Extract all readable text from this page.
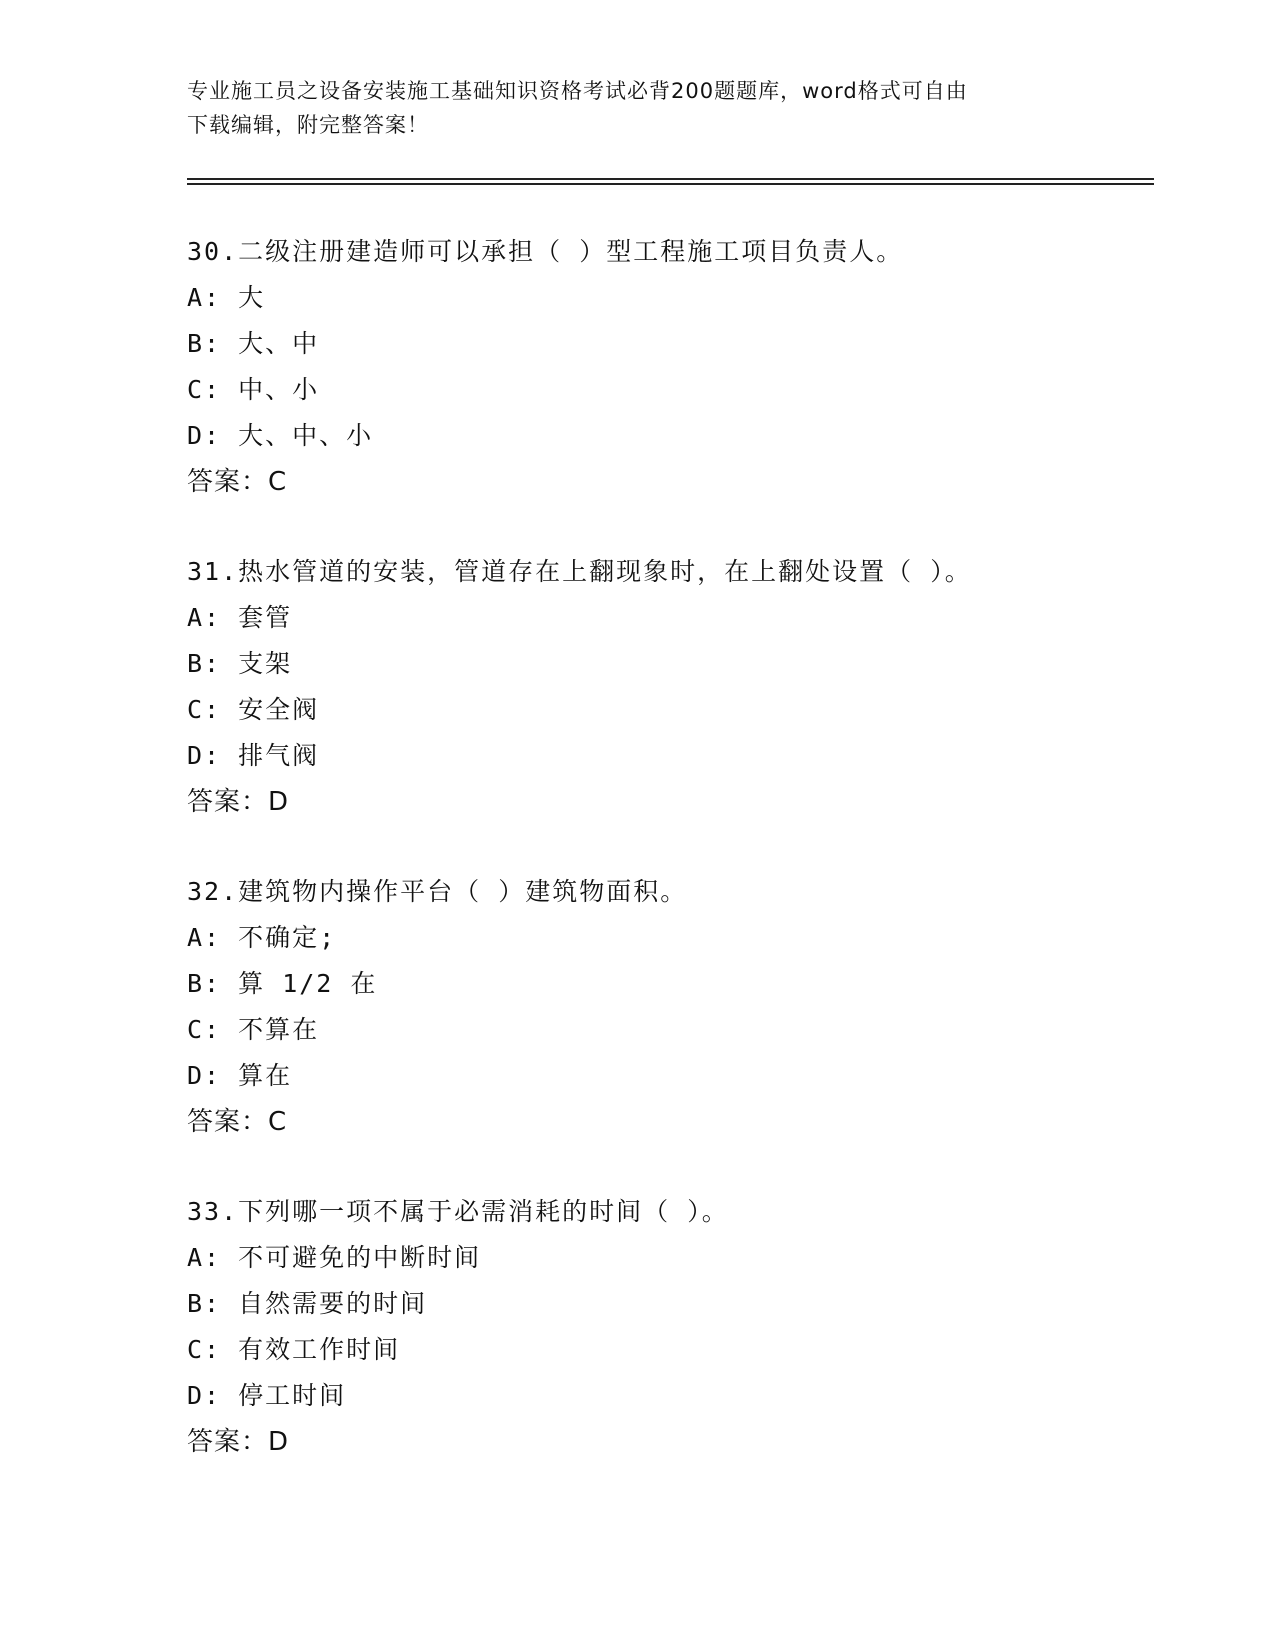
专业施工员之设备安装施工基础知识资格考试必背200题题库，word格式可自由
下载编辑，附完整答案！
30.二级注册建造师可以承担（ ）型工程施工项目负责人。
A: 大
B: 大、中
C: 中、小
D: 大、中、小
答案：C
31.热水管道的安装，管道存在上翻现象时，在上翻处设置（ ）。
A: 套管
B: 支架
C: 安全阀
D: 排气阀
答案：D
32.建筑物内操作平台（ ）建筑物面积。
A: 不确定;
B: 算 1/2 在
C: 不算在
D: 算在
答案：C
33.下列哪一项不属于必需消耗的时间（ ）。
A: 不可避免的中断时间
B: 自然需要的时间
C: 有效工作时间
D: 停工时间
答案：D
